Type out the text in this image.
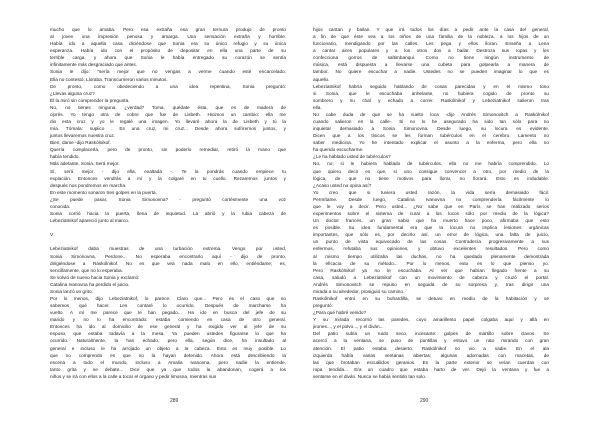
mucho que lo amaba. Pero esa extraña esa gran ternura produjo de pronto
al joven una impresión penosa y amarga. Una sensación extraña y horrible.
Había ido a aquella casa dicièndose que Sonia era su único refugio y su única
esperanza. Había ido con el propósito de depositar en ella una parte de su
terrible carga, y ahora que Sonia le había entregado su corazón se sentía
infinitamente más desgraciado que antes.
Sonia le dijo: “sería mejor que no vengas a verme cuando esté encarcelado.
Ella no contestó. Lloraba. Transcurrieron varios minutos.
De pronto, como obedeciendo a una idea repentina, Sonia preguntó:
¿Llevas alguna cruz?
Él la miró sin comprender la pregunta.
No, no tienes ninguna, ¿verdad? Toma, quédate ésta, que es de madera de
ciprés. Yo tengo otra de cobre que fue de Lisbeth. Hicimos un cambio: ella me
dio esta cruz y yo le regalé una imagen. Yo llevaré ahora la de Lisbeth y tú la
mía. Tómala: supiico . Es una cruz, mi cruz... Desde ahora sufriremos juntos, y
juntos llevaremos nuestra cruz.
Bien, dame -dijo Raskólnikof.
Quería complacerla, pero de pronto, sin poderlo remediar, retiró la mano que
había tendido.
Más adelante, Sonia. Será mejor.
Sí, será mejor - dijo ella, exaltada -. Te la pondrás cuando empiece tu
expiación. Entonces vendrás a mí y la colgaré en tu cuello. Rezaremos juntos y
después nos pondremos en marcha.
En este momento sonaron tres golpes en la puerta.
¿Se puede pasar, Sonia Simonovna? - preguntó cortésmente una voz
conocida.
Sonia corrió hacia la puerta, llena de inquietud. La abrió y la rubia cabeza de
Lebeziatnikof apareció junto al marco.
V
Lebeziatnikof daba muestras de una turbación extrema. Vengo por usted,
Sonia Simonovna. Perdone... No esperaba encontrarlo aquí - dijo de pronto,
dirigiéndose a Raskólnikof. No es que vea nada malo en ello, entiéndame; es,
sencillamente, que no lo esperaba.
Se volvió de nuevo hacia Sonia y exclamó:
Catalina Ivanovna ha perdido el juicio.
Sonia lanzó un grito.
Por lo menos, dijo Lebeziatnikof, lo parece. Claro que... Pero es el caso que no
sabemos qué hacer. Les contaré lo ocurrido. Después de marcharse ha
vuelto. A mí me parece que le han pegado... Ha ido en busca del jefe de su
marido y no lo ha encontrado: estaba comiendo en casa de otro general.
Entonces ha ido al domicilio de ese general y ha exigido ver al jefe de su
esposo, que estaba todavía a la mesa. Ya pueden ustedes figurarse lo que ha
ocurrido. Naturalmente, la han echado, pero ella, según dice, ha insultado al
general e incluso le ha arrojado un objeto a la cabeza. Esto es muy posible. Lo
que no comprendo es que no la hayan detenido. Ahora está describiendo la
escena a todo el mundo, incluso a Amalia Ivanovna, pero nadie la entiende,
tanto grita y se debate... Dice que ya que todos la abandonan, cogerá a los
niños y se irá con ellos a la calle a tocar el órgano y pedir limosna, mientras sus
289
hijos cantan y bailan. Y que irá todos los días a pedir ante la casa del general,
a fin de que éste vea a los niños de una familia de la nobleza, a los hijos de un
funcionario, mendigando por las calles. Les pega y ellos lloran. Enseña a Lena
a cantar aires populares y a los otros dos a bailar. Destroza sus ropas y les
confecciona gorros de saltimbanqui. Como no tiene ningún instrumento de
música, está dispuesta a llevarse una cubeta para golpearla a manera de
tambor. No quiere escuchar a nadie. Ustedes no se pueden imaginar lo que es
aquello.
Lebeziatnikof habría seguido hablando de cosas parecidas y en el mismo tono
si Sonia, que le escuchaba anhelante, no hubiera cogido de pronto su
sombrero y su chal y echado a correr. Raskólnikof y Lebeziatnikof salieron tras
ella.
No cabe duda de que se ha vuelto loca -dijo Andrés Simonovitch a Raskólnikof
cuando salieron en la calle-. Si no lo he asegurado ha sido tan sólo para no
inquietar demasiado a Sonia Simonovna. Desde luego, su locura es evidente.
Dicen que a los tísicos se les forman tubérculos en el cerebro. Lamento no
saber medicina. Yo he intentado explicar el asunto a la enferma, pero ella no
ha querido escucharme.
¿Le ha hablado usted de tubérculos?
No, no; si le hubiera hablado de tubérculos, ella no me habría comprendido. Lo
que quiero decir es que, si uno consigue convencer a otro, por medio de la
lógica, de que no tiene motivos para llorar, no llorará. Esto es indudable.
¿Acaso usted no opina así?
Yo creo que si tuviera usted razón, la vida sería demasiado fácil.
Permítame. Desde luego, Catalina Ivanovna no comprendería fácilmente lo
que le voy a decir. Pero usted... ¿No sabe que en París se han realizado serios
experimentos sobre el sistema de curar a los locos sólo por medio de la lógica?
Un doctor francés, un gran sabio que ha muerto hace poco, afirmaba que esto
es posible. Su idea fundamental era que la locura no implica lesiones orgánicas
importantes, que sólo es, por decirlo así, un error de lógica, una falta de juicio,
un punto de vista equivocado de las cosas. Contradecía progresivamente a sus
enfermos, refutaba sus opiniones, y obtuvo excelentes resultados. Pero como
al mismo tiempo utilizaba las duchas, no ha quedado plenamente demostrada
la eficacia de su método... Por lo menos, esto es lo que pienso yo.
Pero Raskólnikof ya no le escuchaba. Al ver que habían llegado frente a su
casa, saludó a Lebeziatnikof con un movimiento de cabeza y cruzó el portal.
Andrés Simonovitch se repuso en seguida de su sorpresa y, tras dirigir una
mirada a su alrededor, prosiguió su camino.
Raskólnikof entró en su buhardilla, se detuvo en medio de la habitación y se
preguntó:
¿Para qué habré venido?
Y su mirada recorrió las paredes, cuyo amarillento papel colgaba aquí y allá en
jirones..., y el polvo..., y el diván...
Del patio subía un ruido seco, incesante: golpes de martillo sobre clavos. Se
acercó a la ventana, se puso de puntillas y estuvo un rato mirando con gran
atención. El patio estaba desierto. Raskólnikof no vio a nadie. En el ala
izquierda había varias ventanas abiertas; algunas adornadas con macetas, de
las que brotaban escuálidos geranios. En la parte exterior se veían cuerdas con
ropa tendida... Era un cuadro que estaba harto de ver. Dejó la ventana y fue a
sentarse en el diván. Nunca se había sentido tan solo.
290
